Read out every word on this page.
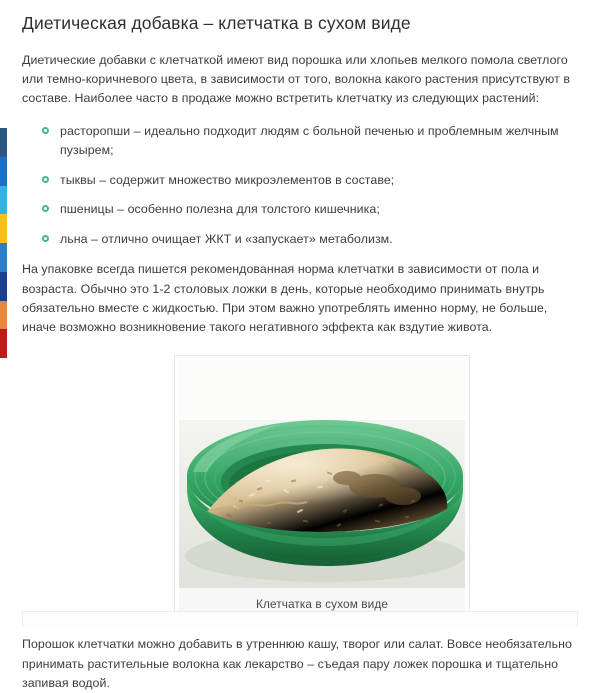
Диетическая добавка – клетчатка в сухом виде

Диетические добавки с клетчаткой имеют вид порошка или хлопьев мелкого помола светлого или темно-коричневого цвета, в зависимости от того, волокна какого растения присутствуют в составе. Наиболее часто в продаже можно встретить клетчатку из следующих растений:

расторопши – идеально подходит людям с больной печенью и проблемным желчным пузырем;
тыквы – содержит множество микроэлементов в составе;
пшеницы – особенно полезна для толстого кишечника;
льна – отлично очищает ЖКТ и «запускает» метаболизм.

На упаковке всегда пишется рекомендованная норма клетчатки в зависимости от пола и возраста. Обычно это 1-2 столовых ложки в день, которые необходимо принимать внутрь обязательно вместе с жидкостью. При этом важно употреблять именно норму, не больше, иначе возможно возникновение такого негативного эффекта как вздутие живота.

Клетчатка в сухом виде

Порошок клетчатки можно добавить в утреннюю кашу, творог или салат. Вовсе необязательно принимать растительные волокна как лекарство – съедая пару ложек порошка и тщательно запивая водой.
